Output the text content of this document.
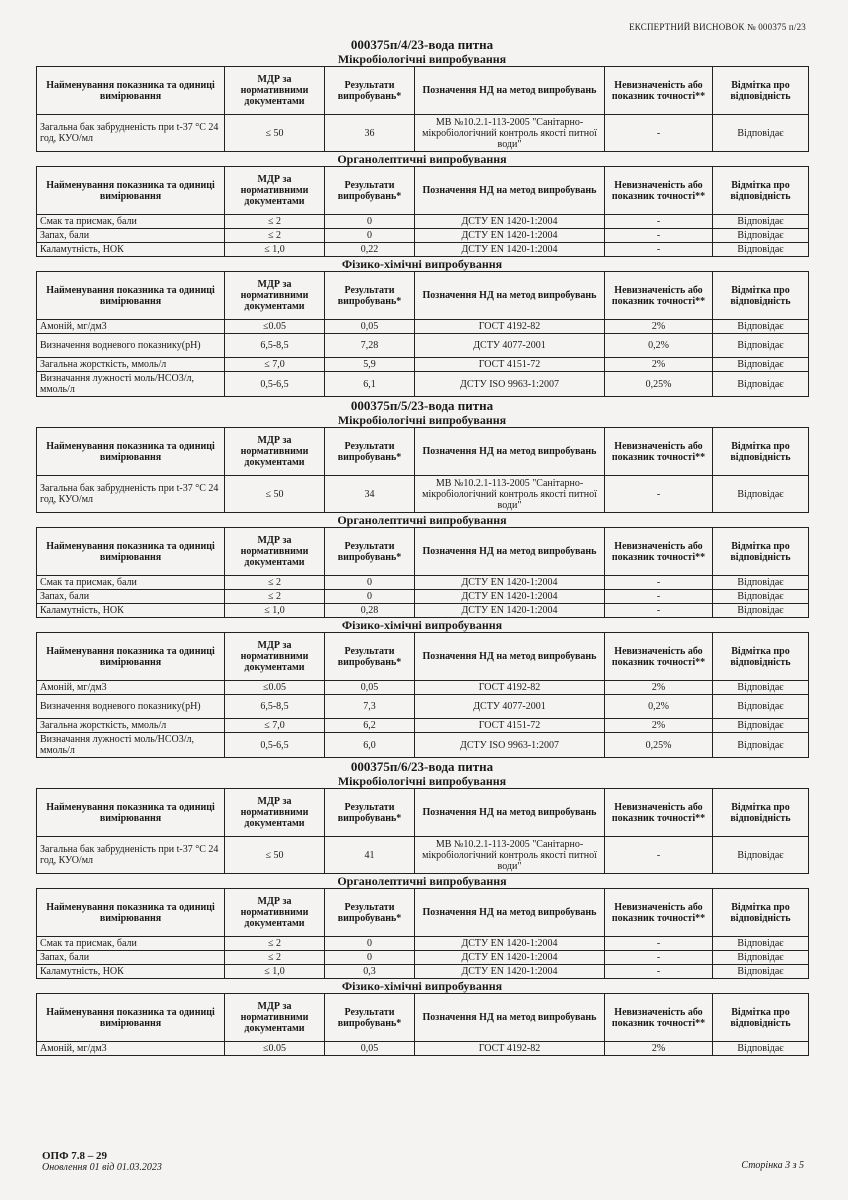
ЕКСПЕРТНИЙ ВИСНОВОК № 000375 п/23
000375п/4/23-вода питна
Мікробіологічні випробування
Найменування показника та одиниці вимірювання	МДР за нормативними документами	Результати випробувань*	Позначення НД на метод випробувань	Невизначеність або показник точності**	Відмітка про відповідність
Загальна бак забрудненість при t-37 °С 24 год, КУО/мл	≤ 50	36	МВ №10.2.1-113-2005 "Санітарно-мікробіологічний контроль якості питної води"	-	Відповідає
Органолептичні випробування
Найменування показника та одиниці вимірювання	МДР за нормативними документами	Результати випробувань*	Позначення НД на метод випробувань	Невизначеність або показник точності**	Відмітка про відповідність
Смак та присмак, бали	≤ 2	0	ДСТУ EN 1420-1:2004	-	Відповідає
Запах, бали	≤ 2	0	ДСТУ EN 1420-1:2004	-	Відповідає
Каламутність, НОК	≤ 1,0	0,22	ДСТУ EN 1420-1:2004	-	Відповідає
Фізико-хімічні випробування
Найменування показника та одиниці вимірювання	МДР за нормативними документами	Результати випробувань*	Позначення НД на метод випробувань	Невизначеність або показник точності**	Відмітка про відповідність
Амоній, мг/дм3	≤0.05	0,05	ГОСТ 4192-82	2%	Відповідає
Визначення водневого показнику(pH)	6,5-8,5	7,28	ДСТУ 4077-2001	0,2%	Відповідає
Загальна жорсткість, ммоль/л	≤ 7,0	5,9	ГОСТ 4151-72	2%	Відповідає
Визначання лужності моль/НСО3/л, ммоль/л	0,5-6,5	6,1	ДСТУ ISO 9963-1:2007	0,25%	Відповідає
000375п/5/23-вода питна
Мікробіологічні випробування
Найменування показника та одиниці вимірювання	МДР за нормативними документами	Результати випробувань*	Позначення НД на метод випробувань	Невизначеність або показник точності**	Відмітка про відповідність
Загальна бак забрудненість при t-37 °С 24 год, КУО/мл	≤ 50	34	МВ №10.2.1-113-2005 "Санітарно-мікробіологічний контроль якості питної води"	-	Відповідає
Органолептичні випробування
Найменування показника та одиниці вимірювання	МДР за нормативними документами	Результати випробувань*	Позначення НД на метод випробувань	Невизначеність або показник точності**	Відмітка про відповідність
Смак та присмак, бали	≤ 2	0	ДСТУ EN 1420-1:2004	-	Відповідає
Запах, бали	≤ 2	0	ДСТУ EN 1420-1:2004	-	Відповідає
Каламутність, НОК	≤ 1,0	0,28	ДСТУ EN 1420-1:2004	-	Відповідає
Фізико-хімічні випробування
Найменування показника та одиниці вимірювання	МДР за нормативними документами	Результати випробувань*	Позначення НД на метод випробувань	Невизначеність або показник точності**	Відмітка про відповідність
Амоній, мг/дм3	≤0.05	0,05	ГОСТ 4192-82	2%	Відповідає
Визначення водневого показнику(pH)	6,5-8,5	7,3	ДСТУ 4077-2001	0,2%	Відповідає
Загальна жорсткість, ммоль/л	≤ 7,0	6,2	ГОСТ 4151-72	2%	Відповідає
Визначання лужності моль/НСО3/л, ммоль/л	0,5-6,5	6,0	ДСТУ ISO 9963-1:2007	0,25%	Відповідає
000375п/6/23-вода питна
Мікробіологічні випробування
Найменування показника та одиниці вимірювання	МДР за нормативними документами	Результати випробувань*	Позначення НД на метод випробувань	Невизначеність або показник точності**	Відмітка про відповідність
Загальна бак забрудненість при t-37 °С 24 год, КУО/мл	≤ 50	41	МВ №10.2.1-113-2005 "Санітарно-мікробіологічний контроль якості питної води"	-	Відповідає
Органолептичні випробування
Найменування показника та одиниці вимірювання	МДР за нормативними документами	Результати випробувань*	Позначення НД на метод випробувань	Невизначеність або показник точності**	Відмітка про відповідність
Смак та присмак, бали	≤ 2	0	ДСТУ EN 1420-1:2004	-	Відповідає
Запах, бали	≤ 2	0	ДСТУ EN 1420-1:2004	-	Відповідає
Каламутність, НОК	≤ 1,0	0,3	ДСТУ EN 1420-1:2004	-	Відповідає
Фізико-хімічні випробування
Найменування показника та одиниці вимірювання	МДР за нормативними документами	Результати випробувань*	Позначення НД на метод випробувань	Невизначеність або показник точності**	Відмітка про відповідність
Амоній, мг/дм3	≤0.05	0,05	ГОСТ 4192-82	2%	Відповідає
ОПФ 7.8 – 29
Оновлення 01 від 01.03.2023	Сторінка 3 з 5
